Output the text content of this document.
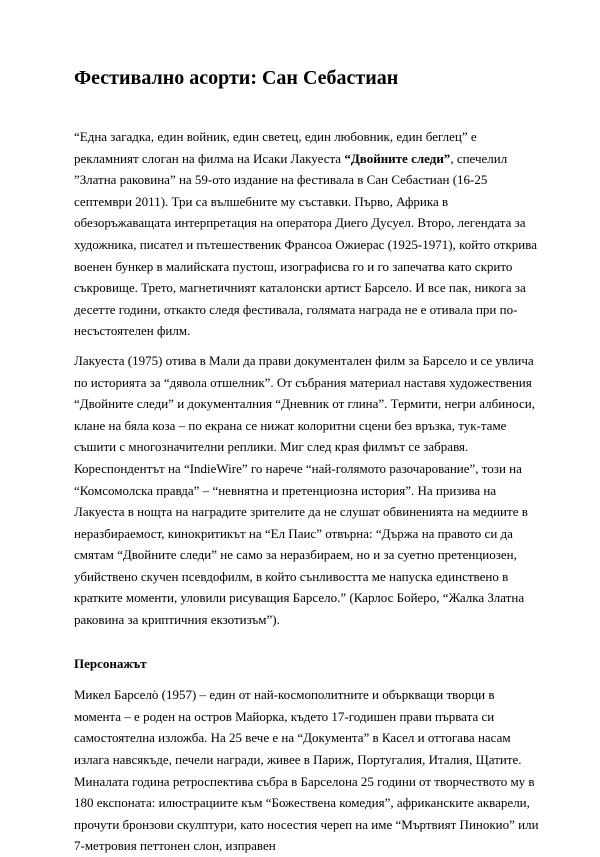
Фестивално асорти: Сан Себастиан

“Една загадка, един войник, един светец, един любовник, един беглец” е рекламният слоган на филма на Исаки Лакуеста “Двойните следи”, спечелил ”Златна раковина” на 59-ото издание на фестивала в Сан Себастиан (16-25 септември 2011). Три са вълшебните му съставки. Първо, Африка в обезоръжаващата интерпретация на оператора Диего Дусуел. Второ, легендата за художника, писател и пътешественик Франсоа Ожиерас (1925-1971), който открива военен бункер в малийската пустош, изографисва го и го запечатва като скрито съкровище. Трето, магнетичният каталонски артист Барсело. И все пак, никога за десетте години, откакто следя фестивала, голямата награда не е отивала при по-несъстоятелен филм.

Лакуеста (1975) отива в Мали да прави документален филм за Барсело и се увлича по историята за “дявола отшелник”. От събрания материал наставя художествения “Двойните следи” и документалния “Дневник от глина”. Термити, негри албиноси, клане на бяла коза – по екрана се нижат колоритни сцени без връзка, тук-таме съшити с многозначителни реплики. Миг след края филмът се забравя. Кореспондентът на “IndieWire” го нарече “най-голямото разочарование”, този на “Комсомолска правда” – “невнятна и претенциозна история”. На призива на Лакуеста в нощта на наградите зрителите да не слушат обвиненията на медиите в неразбираемост, кинокритикът на “Ел Паис” отвърна: “Държа на правото си да смятам “Двойните следи” не само за неразбираем, но и за суетно претенциозен, убийствено скучен псевдофилм, в който сънливостта ме напуска единствено в кратките моменти, уловили рисуващия Барсело.” (Карлос Бойеро, “Жалка Златна раковина за криптичния екзотизъм”).

Персонажът

Микел Барселò (1957) – един от най-космополитните и объркващи творци в момента – е роден на остров Майорка, където 17-годишен прави първата си самостоятелна изложба. На 25 вече е на “Документа” в Касел и оттогава насам излага навсякъде, печели награди, живее в Париж, Португалия, Италия, Щатите. Миналата година ретроспектива събра в Барселона 25 години от творчеството му в 180 експоната: илюстрациите към “Божествена комедия”, африканските акварели, прочути бронзови скулптури, като носестия череп на име “Мъртвият Пинокио” или 7-метровия петтонен слон, изправен
